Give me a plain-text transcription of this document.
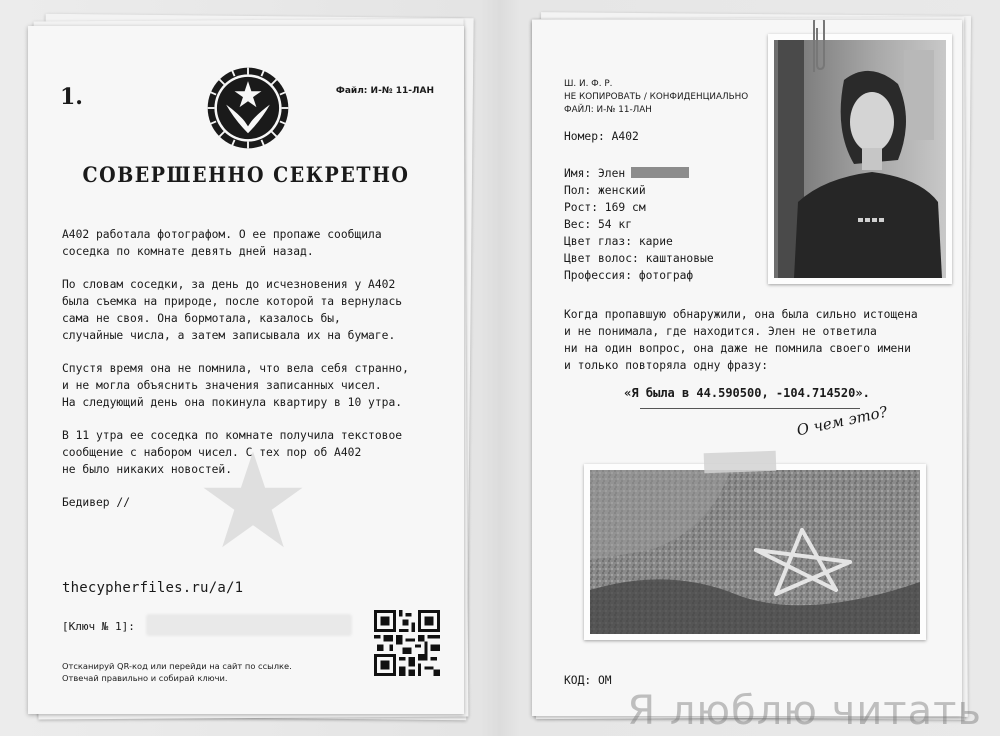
1.	Файл: И-№ 11-ЛАН
СОВЕРШЕННО СЕКРЕТНО

А402 работала фотографом. О ее пропаже сообщила
соседка по комнате девять дней назад.

По словам соседки, за день до исчезновения у А402
была съемка на природе, после которой та вернулась
сама не своя. Она бормотала, казалось бы,
случайные числа, а затем записывала их на бумаге.

Спустя время она не помнила, что вела себя странно,
и не могла объяснить значения записанных чисел.
На следующий день она покинула квартиру в 10 утра.

В 11 утра ее соседка по комнате получила текстовое
сообщение с набором чисел. С тех пор об А402
не было никаких новостей.

Бедивер //

thecypherfiles.ru/a/1
[Ключ № 1]:
Отсканируй QR-код или перейди на сайт по ссылке.
Отвечай правильно и собирай ключи.
Ш. И. Ф. Р.
НЕ КОПИРОВАТЬ / КОНФИДЕНЦИАЛЬНО
ФАЙЛ: И-№ 11-ЛАН
Номер: А402
Имя: Элен
Пол: женский
Рост: 169 см
Вес: 54 кг
Цвет глаз: карие
Цвет волос: каштановые
Профессия: фотограф
Когда пропавшую обнаружили, она была сильно истощена
и не понимала, где находится. Элен не ответила
ни на один вопрос, она даже не помнила своего имени
и только повторяла одну фразу:
«Я была в 44.590500, -104.714520».
О чем это?
КОД: ОМ
Я люблю читать
